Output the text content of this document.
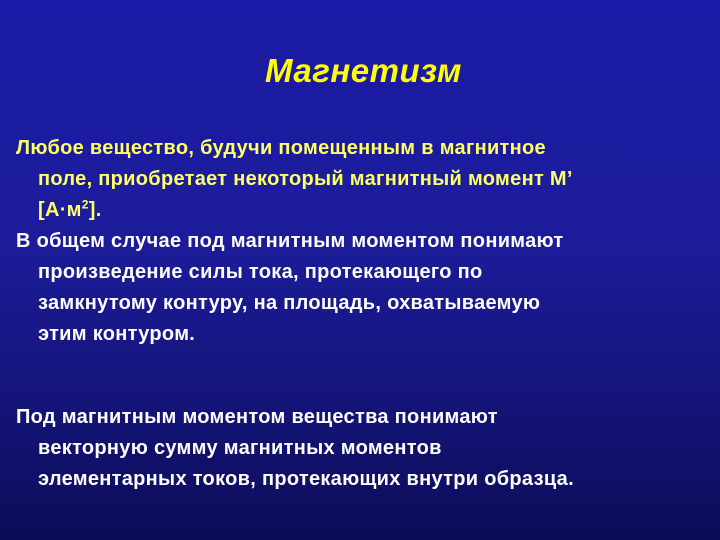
Магнетизм
Любое вещество, будучи помещенным в магнитное
поле, приобретает некоторый магнитный момент М’
$[А\cdot м^2]$.
В общем случае под магнитным моментом понимают
произведение силы тока, протекающего по
замкнутому контуру, на площадь, охватываемую
этим контуром.
Под магнитным моментом вещества понимают
векторную сумму магнитных моментов
элементарных токов, протекающих внутри образца.
